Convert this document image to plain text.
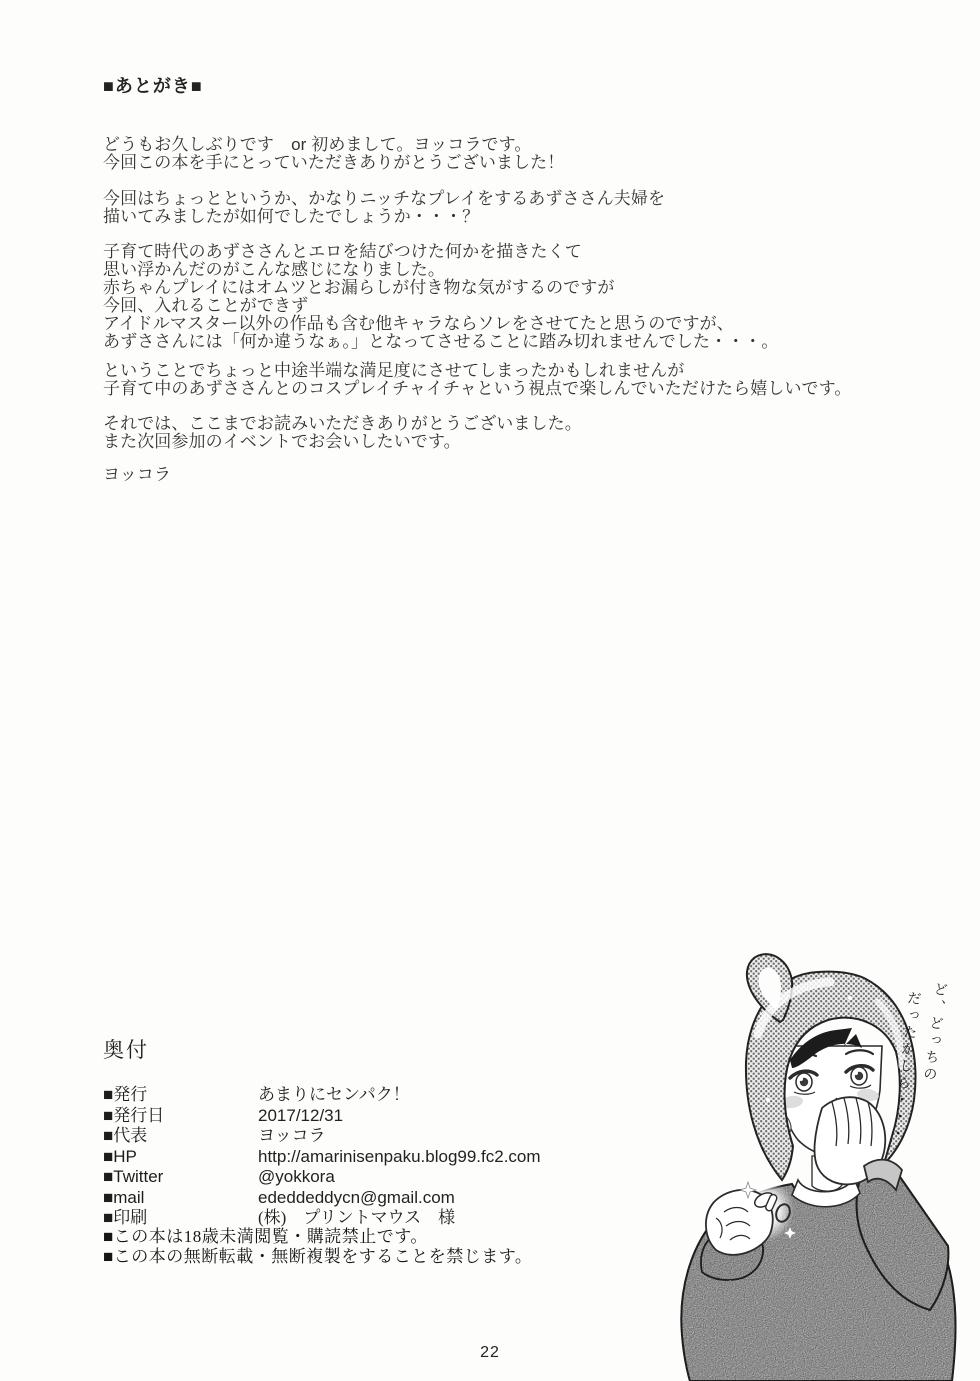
■あとがき■
どうもお久しぶりです　or 初めまして。ヨッコラです。
今回この本を手にとっていただきありがとうございました！
今回はちょっとというか、かなりニッチなプレイをするあずささん夫婦を
描いてみましたが如何でしたでしょうか・・・？
子育て時代のあずささんとエロを結びつけた何かを描きたくて
思い浮かんだのがこんな感じになりました。
赤ちゃんプレイにはオムツとお漏らしが付き物な気がするのですが
今回、入れることができず
アイドルマスター以外の作品も含む他キャラならソレをさせてたと思うのですが、
あずささんには「何か違うなぁ。」となってさせることに踏み切れませんでした・・・。
ということでちょっと中途半端な満足度にさせてしまったかもしれませんが
子育て中のあずささんとのコスプレイチャイチャという視点で楽しんでいただけたら嬉しいです。
それでは、ここまでお読みいただきありがとうございました。
また次回参加のイベントでお会いしたいです。
ヨッコラ
奥付
■発行	あまりにセンパク！
■発行日	2017/12/31
■代表	ヨッコラ
■HP	http://amarinisenpaku.blog99.fc2.com
■Twitter	@yokkora
■mail	ededdeddycn@gmail.com
■印刷	(株)　プリントマウス　様
■この本は18歳未満閲覧・購読禁止です。
■この本の無断転載・無断複製をすることを禁じます。
22
ど、どっちの
だったかしら・・・
